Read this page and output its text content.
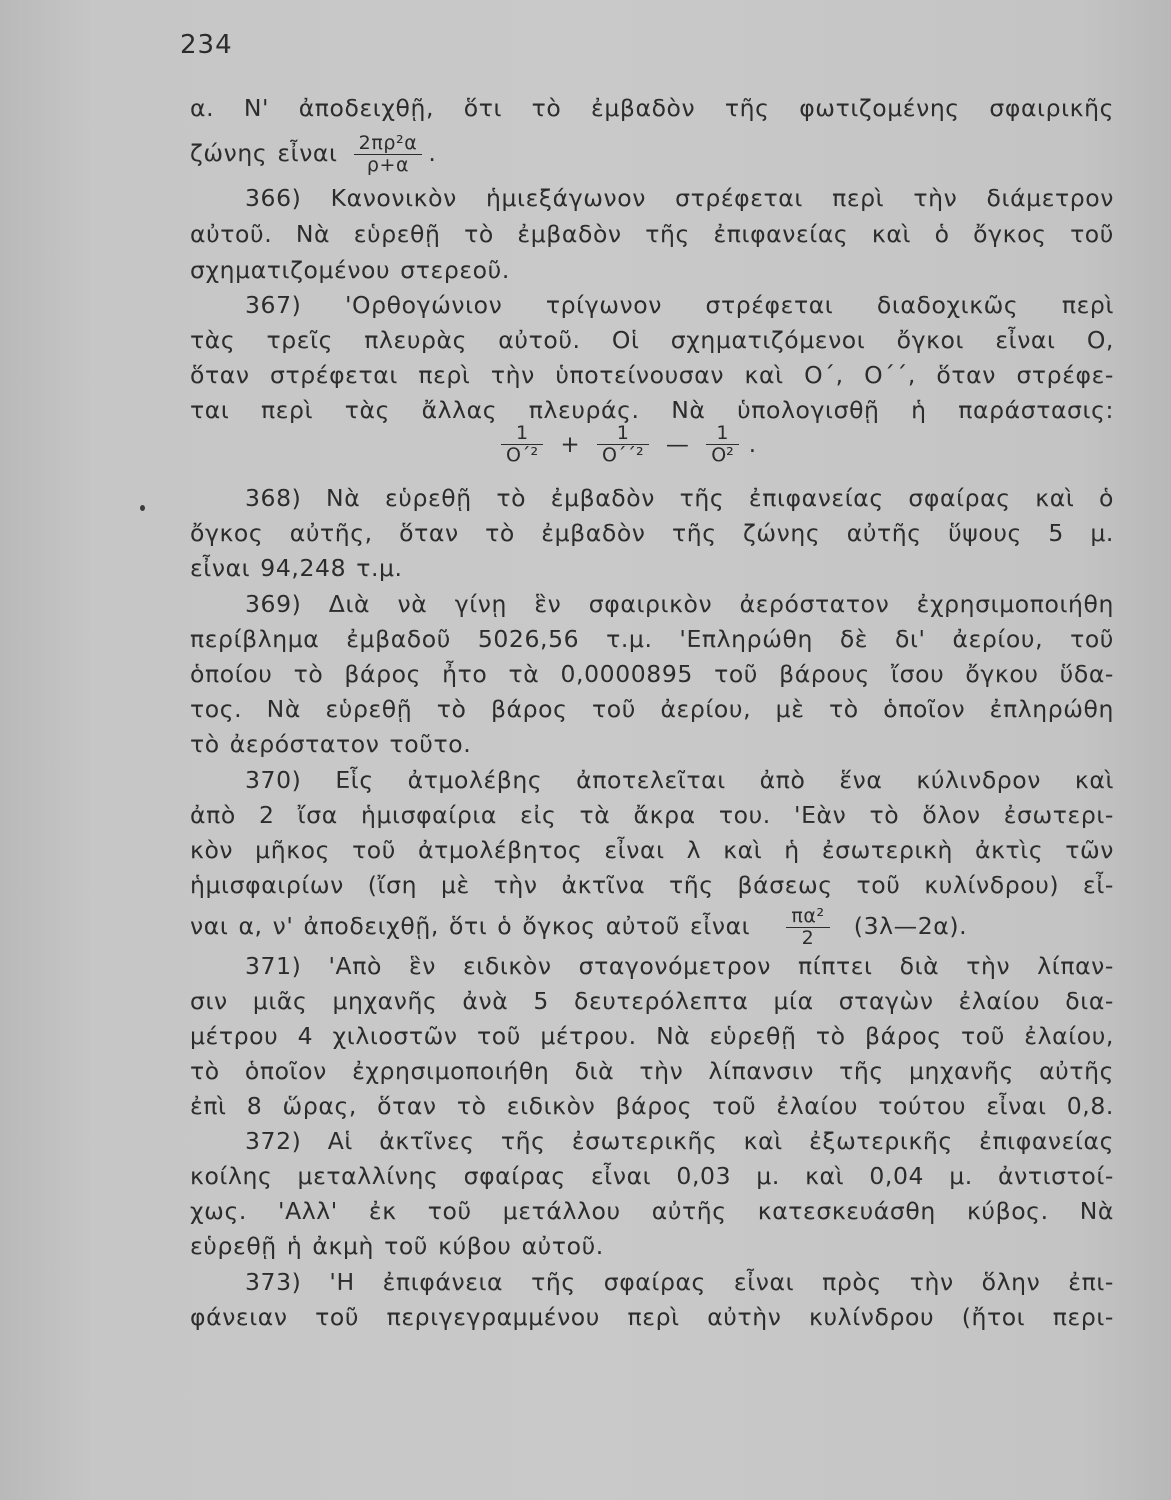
234
α. Ν' ἀποδειχθῇ, ὅτι τὸ ἐμβαδὸν τῆς φωτιζομένης σφαιρικῆς
ζώνης εἶναι $\frac{\text{2πρ²α}}{\rho+\alpha}$ .
366) Κανονικὸν ἡμιεξάγωνον στρέφεται περὶ τὴν διάμετρον
αὐτοῦ. Νὰ εὑρεθῇ τὸ ἐμβαδὸν τῆς ἐπιφανείας καὶ ὁ ὄγκος τοῦ
σχηματιζομένου στερεοῦ.
367) 'Ορθογώνιον τρίγωνον στρέφεται διαδοχικῶς περὶ
τὰς τρεῖς πλευρὰς αὐτοῦ. Οἱ σχηματιζόμενοι ὄγκοι εἶναι Ο,
ὅταν στρέφεται περὶ τὴν ὑποτείνουσαν καὶ Ο΄, Ο΄΄, ὅταν στρέφε-
ται περὶ τὰς ἄλλας πλευράς. Νὰ ὑπολογισθῇ ἡ παράστασις:
368) Νὰ εὑρεθῇ τὸ ἐμβαδὸν τῆς ἐπιφανείας σφαίρας καὶ ὁ
ὄγκος αὐτῆς, ὅταν τὸ ἐμβαδὸν τῆς ζώνης αὐτῆς ὕψους 5 μ.
εἶναι 94,248 τ.μ.
369) Διὰ νὰ γίνῃ ἓν σφαιρικὸν ἀερόστατον ἐχρησιμοποιήθη
περίβλημα ἐμβαδοῦ 5026,56 τ.μ. 'Επληρώθη δὲ δι' ἀερίου, τοῦ
ὁποίου τὸ βάρος ἦτο τὰ 0,0000895 τοῦ βάρους ἴσου ὄγκου ὕδα-
τος. Νὰ εὑρεθῇ τὸ βάρος τοῦ ἀερίου, μὲ τὸ ὁποῖον ἐπληρώθη
τὸ ἀερόστατον τοῦτο.
370) Εἷς ἀτμολέβης ἀποτελεῖται ἀπὸ ἕνα κύλινδρον καὶ
ἀπὸ 2 ἴσα ἡμισφαίρια εἰς τὰ ἄκρα του. 'Εὰν τὸ ὅλον ἐσωτερι-
κὸν μῆκος τοῦ ἀτμολέβητος εἶναι λ καὶ ἡ ἐσωτερικὴ ἀκτὶς τῶν
ἡμισφαιρίων (ἴση μὲ τὴν ἀκτῖνα τῆς βάσεως τοῦ κυλίνδρου) εἶ-
ναι α, ν' ἀποδειχθῇ, ὅτι ὁ ὄγκος αὐτοῦ εἶναι $\frac{\text{πα²}}{2}$ (3λ—2α).
371) 'Απὸ ἓν ειδικὸν σταγονόμετρον πίπτει διὰ τὴν λίπαν-
σιν μιᾶς μηχανῆς ἀνὰ 5 δευτερόλεπτα μία σταγὼν ἐλαίου δια-
μέτρου 4 χιλιοστῶν τοῦ μέτρου. Νὰ εὑρεθῇ τὸ βάρος τοῦ ἐλαίου,
τὸ ὁποῖον ἐχρησιμοποιήθη διὰ τὴν λίπανσιν τῆς μηχανῆς αὐτῆς
ἐπὶ 8 ὥρας, ὅταν τὸ ειδικὸν βάρος τοῦ ἐλαίου τούτου εἶναι 0,8.
372) Αἱ ἀκτῖνες τῆς ἐσωτερικῆς καὶ ἐξωτερικῆς ἐπιφανείας
κοίλης μεταλλίνης σφαίρας εἶναι 0,03 μ. καὶ 0,04 μ. ἀντιστοί-
χως. 'Αλλ' ἐκ τοῦ μετάλλου αὐτῆς κατεσκευάσθη κύβος. Νὰ
εὑρεθῇ ἡ ἀκμὴ τοῦ κύβου αὐτοῦ.
373) 'Η ἐπιφάνεια τῆς σφαίρας εἶναι πρὸς τὴν ὅλην ἐπι-
φάνειαν τοῦ περιγεγραμμένου περὶ αὐτὴν κυλίνδρου (ἤτοι περι-
$\frac{1}{\text{Ο΄²}} + \frac{1}{\text{Ο΄΄²}}$ — $\frac{1}{\text{Ο²}}$ .
